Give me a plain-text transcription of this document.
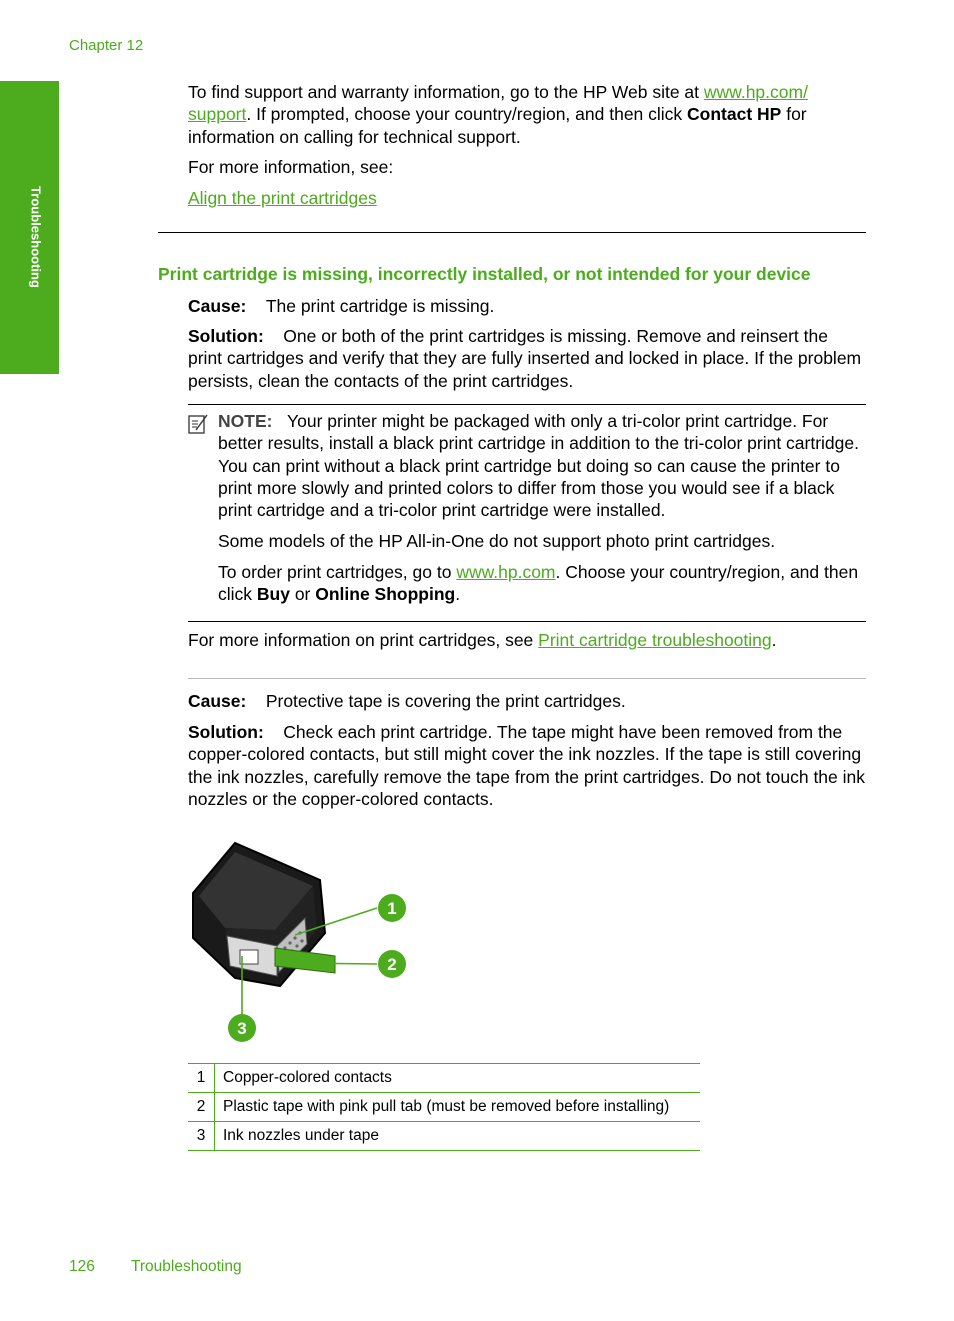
Chapter 12
Troubleshooting

To find support and warranty information, go to the HP Web site at www.hp.com/ support. If prompted, choose your country/region, and then click Contact HP for information on calling for technical support.

For more information, see:

Align the print cartridges

Print cartridge is missing, incorrectly installed, or not intended for your device

Cause: The print cartridge is missing.

Solution: One or both of the print cartridges is missing. Remove and reinsert the print cartridges and verify that they are fully inserted and locked in place. If the problem persists, clean the contacts of the print cartridges.

NOTE: Your printer might be packaged with only a tri-color print cartridge. For better results, install a black print cartridge in addition to the tri-color print cartridge. You can print without a black print cartridge but doing so can cause the printer to print more slowly and printed colors to differ from those you would see if a black print cartridge and a tri-color print cartridge were installed.

Some models of the HP All-in-One do not support photo print cartridges.

To order print cartridges, go to www.hp.com. Choose your country/region, and then click Buy or Online Shopping.

For more information on print cartridges, see Print cartridge troubleshooting.

Cause: Protective tape is covering the print cartridges.

Solution: Check each print cartridge. The tape might have been removed from the copper-colored contacts, but still might cover the ink nozzles. If the tape is still covering the ink nozzles, carefully remove the tape from the print cartridges. Do not touch the ink nozzles or the copper-colored contacts.

1
2
3
1	Copper-colored contacts
2	Plastic tape with pink pull tab (must be removed before installing)
3	Ink nozzles under tape
126 Troubleshooting
